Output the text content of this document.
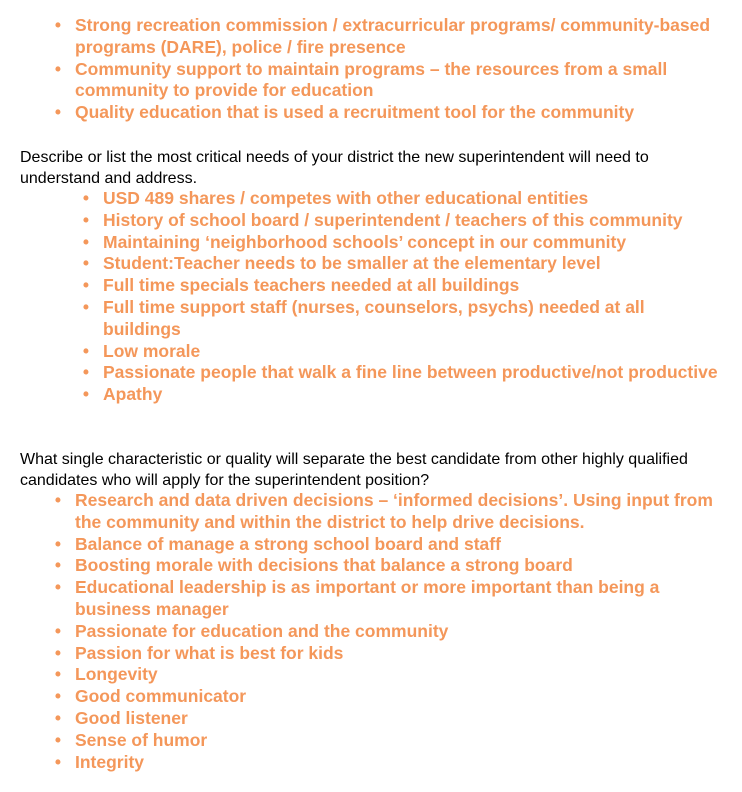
• Strong recreation commission / extracurricular programs/ community-based programs (DARE), police / fire presence
• Community support to maintain programs – the resources from a small community to provide for education
• Quality education that is used a recruitment tool for the community

Describe or list the most critical needs of your district the new superintendent will need to understand and address.

• USD 489 shares / competes with other educational entities
• History of school board / superintendent / teachers of this community
• Maintaining ‘neighborhood schools’ concept in our community
• Student:Teacher needs to be smaller at the elementary level
• Full time specials teachers needed at all buildings
• Full time support staff (nurses, counselors, psychs) needed at all buildings
• Low morale
• Passionate people that walk a fine line between productive/not productive
• Apathy

What single characteristic or quality will separate the best candidate from other highly qualified candidates who will apply for the superintendent position?

• Research and data driven decisions – ‘informed decisions’. Using input from the community and within the district to help drive decisions.
• Balance of manage a strong school board and staff
• Boosting morale with decisions that balance a strong board
• Educational leadership is as important or more important than being a business manager
• Passionate for education and the community
• Passion for what is best for kids
• Longevity
• Good communicator
• Good listener
• Sense of humor
• Integrity
